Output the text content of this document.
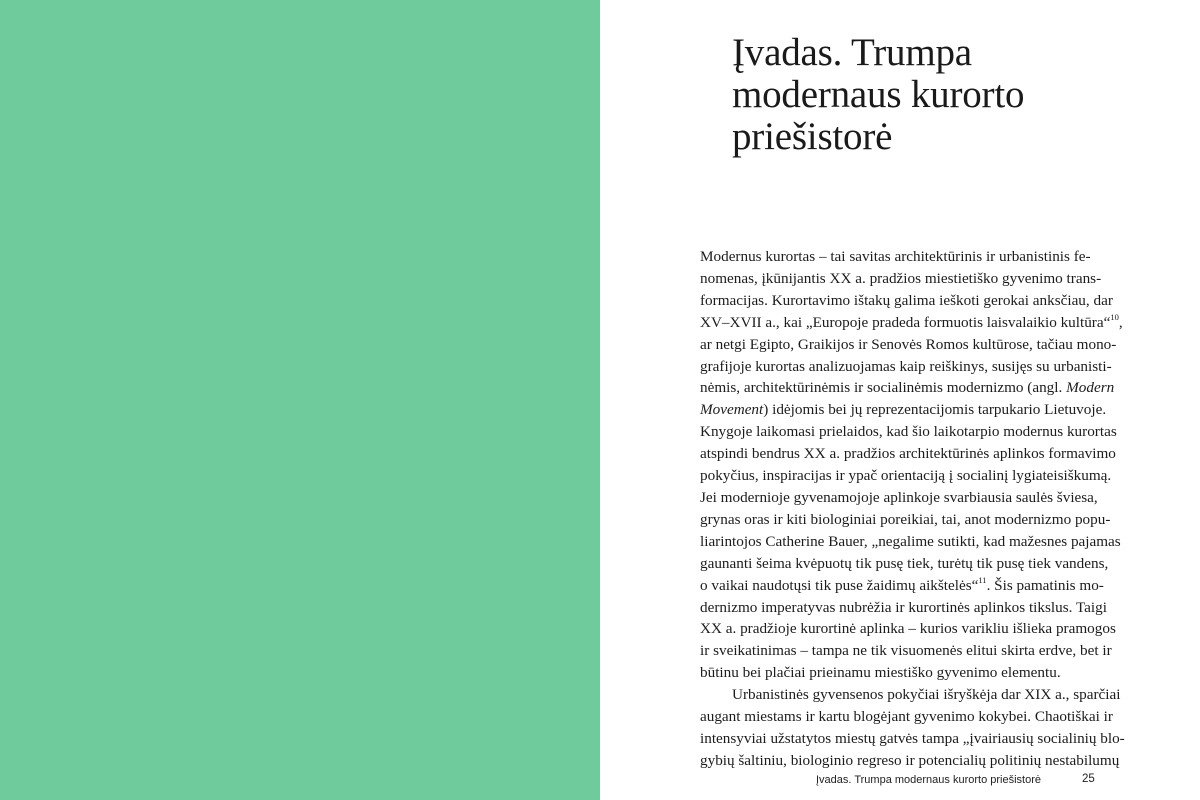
Įvadas. Trumpa
modernaus kurorto
priešistorė
Modernus kurortas – tai savitas architektūrinis ir urbanistinis fe-
nomenas, įkūnijantis XX a. pradžios miestietiško gyvenimo trans-
formacijas. Kurortavimo ištakų galima ieškoti gerokai anksčiau, dar
XV–XVII a., kai „Europoje pradeda formuotis laisvalaikio kultūra“$^{10}$,
ar netgi Egipto, Graikijos ir Senovės Romos kultūrose, tačiau mono-
grafijoje kurortas analizuojamas kaip reiškinys, susijęs su urbanisti-
nėmis, architektūrinėmis ir socialinėmis modernizmo (angl. Modern
Movement) idėjomis bei jų reprezentacijomis tarpukario Lietuvoje.
Knygoje laikomasi prielaidos, kad šio laikotarpio modernus kurortas
atspindi bendrus XX a. pradžios architektūrinės aplinkos formavimo
pokyčius, inspiracijas ir ypač orientaciją į socialinį lygiateisiškumą.
Jei modernioje gyvenamojoje aplinkoje svarbiausia saulės šviesa,
grynas oras ir kiti biologiniai poreikiai, tai, anot modernizmo popu-
liarintojos Catherine Bauer, „negalime sutikti, kad mažesnes pajamas
gaunanti šeima kvėpuotų tik pusę tiek, turėtų tik pusę tiek vandens,
o vaikai naudotųsi tik puse žaidimų aikštelės“$^{11}$. Šis pamatinis mo-
dernizmo imperatyvas nubrėžia ir kurortinės aplinkos tikslus. Taigi
XX a. pradžioje kurortinė aplinka – kurios varikliu išlieka pramogos
ir sveikatinimas – tampa ne tik visuomenės elitui skirta erdve, bet ir
būtinu bei plačiai prieinamu miestiško gyvenimo elementu.
Urbanistinės gyvensenos pokyčiai išryškėja dar XIX a., sparčiai
augant miestams ir kartu blogėjant gyvenimo kokybei. Chaotiškai ir
intensyviai užstatytos miestų gatvės tampa „įvairiausių socialinių blo-
gybių šaltiniu, biologinio regreso ir potencialių politinių nestabilumų
Įvadas. Trumpa modernaus kurorto priešistorė	25
